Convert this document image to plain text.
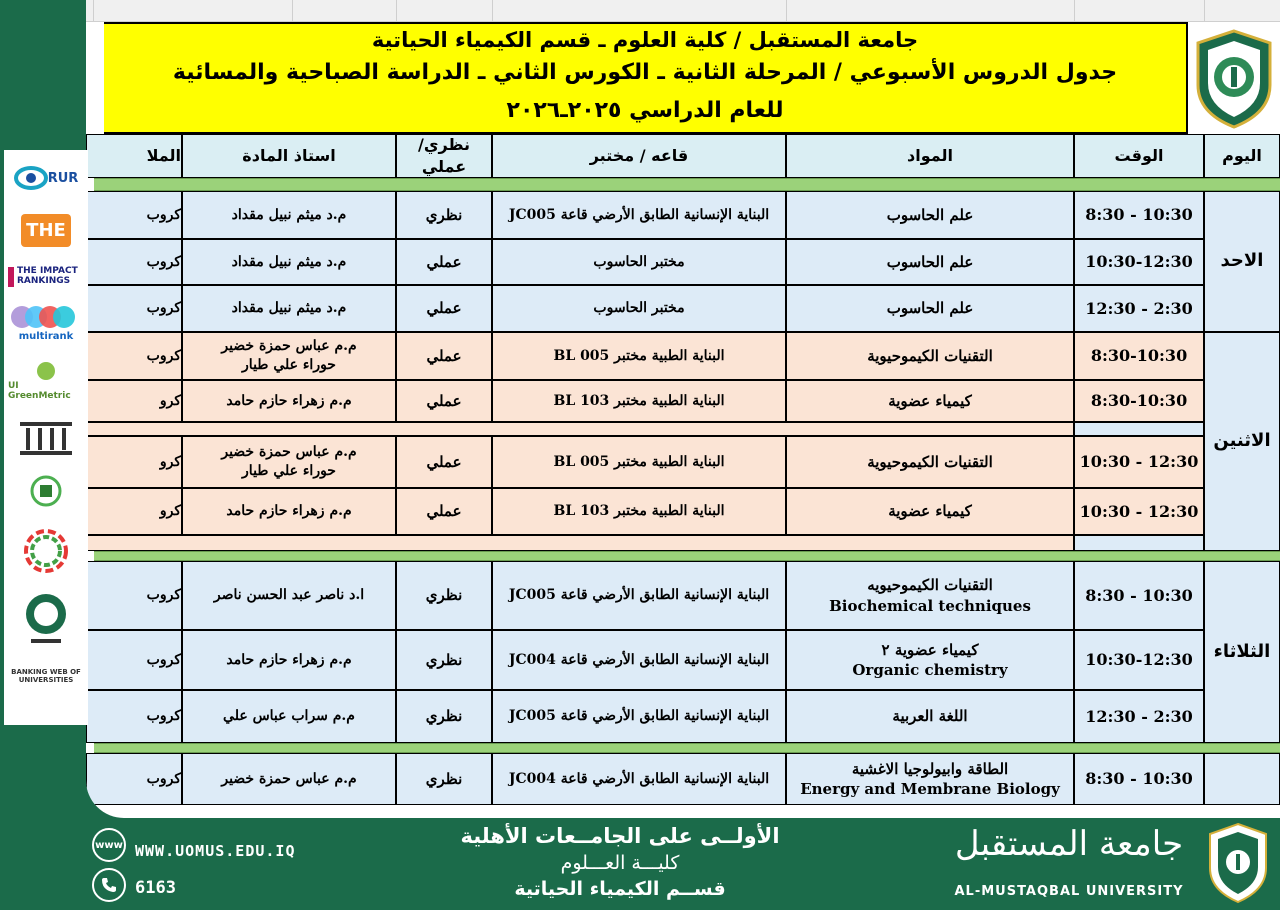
جامعة المستقبل / كلية العلوم ـ قسم الكيمياء الحياتية
جدول الدروس الأسبوعي / المرحلة الثانية ـ الكورس الثاني ـ الدراسة الصباحية والمسائية
للعام الدراسي ٢٠٢٥ـ٢٠٢٦
اليوم
الوقت
المواد
قاعه / مختبر
نظري/عملي
استاذ المادة
الملا
الاحد
الاثنين
الثلاثاء
10:30 - 8:30
علم الحاسوب
البناية الإنسانية الطابق الأرضي قاعة JC005
نظري
م.د ميثم نبيل مقداد
كروب
10:30-12:30
علم الحاسوب
مختبر الحاسوب
عملي
م.د ميثم نبيل مقداد
كروب
2:30 - 12:30
علم الحاسوب
مختبر الحاسوب
عملي
م.د ميثم نبيل مقداد
كروب
8:30-10:30
التقنيات الكيموحيوية
البناية الطبية مختبر BL 005
عملي
م.م عباس حمزة خضير
حوراء علي طيار
كروب
8:30-10:30
كيمياء عضوية
البناية الطبية مختبر BL 103
عملي
م.م زهراء حازم حامد
كرو
12:30 - 10:30
التقنيات الكيموحيوية
البناية الطبية مختبر BL 005
عملي
م.م عباس حمزة خضير
حوراء علي طيار
كرو
12:30 - 10:30
كيمياء عضوية
البناية الطبية مختبر BL 103
عملي
م.م زهراء حازم حامد
كرو
10:30 - 8:30
التقنيات الكيموحيويه
Biochemical techniques
البناية الإنسانية الطابق الأرضي قاعة JC005
نظري
ا.د ناصر عبد الحسن ناصر
كروب
10:30-12:30
كيمياء عضوية ٢
Organic chemistry
البناية الإنسانية الطابق الأرضي قاعة JC004
نظري
م.م زهراء حازم حامد
كروب
2:30 - 12:30
اللغة العربية
البناية الإنسانية الطابق الأرضي قاعة JC005
نظري
م.م سراب عباس علي
كروب
10:30 - 8:30
الطاقة وابيولوجيا الاغشية
Energy and Membrane Biology
البناية الإنسانية الطابق الأرضي قاعة JC004
نظري
م.م عباس حمزة خضير
كروب
RUR
THE
THE IMPACT RANKINGS
multirank
UI GreenMetric
BANKING WEB OF UNIVERSITIES
www WWW.UOMUS.EDU.IQ
6163
الأولــى على الجامــعات الأهلية
كليـــة العـــلوم
قســم الكيمياء الحياتية
جامعة المستقبل
AL-MUSTAQBAL UNIVERSITY
